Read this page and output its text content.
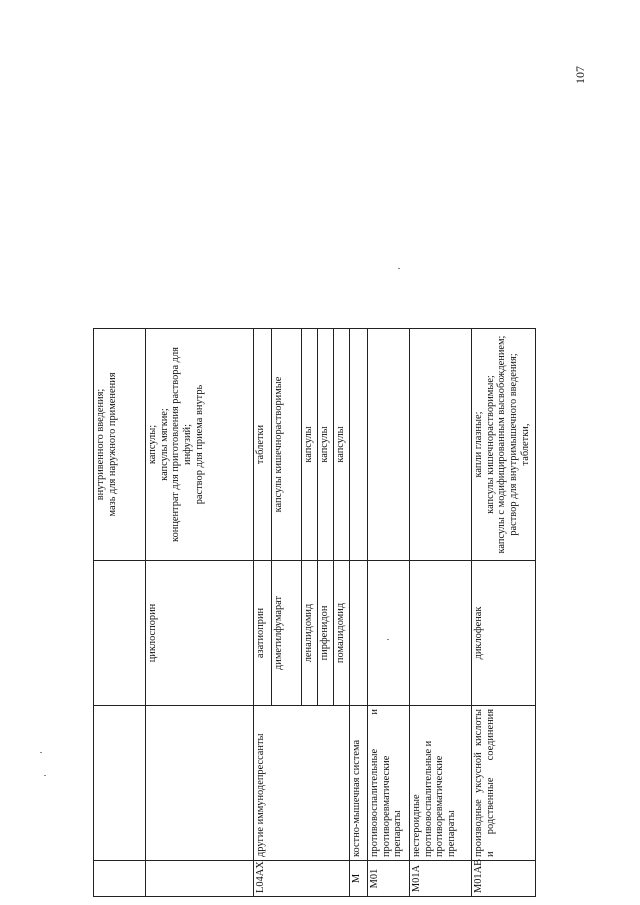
107
			внутривенного введения;
мазь для наружного применения
		циклоспорин	капсулы;
капсулы мягкие;
концентрат для приготовления раствора для инфузий;
раствор для приема внутрь
L04AX	другие иммунодепрессанты	азатиоприн	таблетки
		диметилфумарат	капсулы кишечнорастворимые
		леналидомид	капсулы
		пирфенидон	капсулы
		помалидомид	капсулы
M	костно-мышечная система		
M01	противовоспалительные и противоревматические препараты		
M01A	нестероидные противовоспалительные и противоревматические препараты		
M01AB	производные уксусной кислоты и родственные соединения	диклофенак	капли глазные;
капсулы кишечнорастворимые;
капсулы с модифицированным высвобождением;
раствор для внутримышечного введения; таблетки,
